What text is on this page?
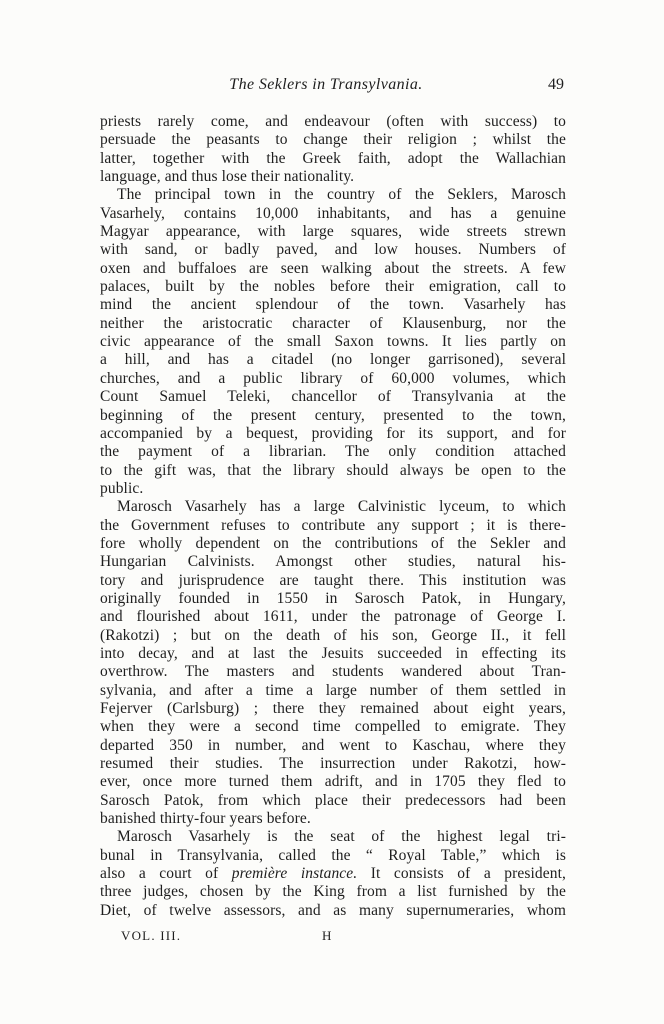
The Seklers in Transylvania.	49
priests rarely come, and endeavour (often with success) to
persuade the peasants to change their religion ; whilst the
latter, together with the Greek faith, adopt the Wallachian
language, and thus lose their nationality.
The principal town in the country of the Seklers, Marosch
Vasarhely, contains 10,000 inhabitants, and has a genuine
Magyar appearance, with large squares, wide streets strewn
with sand, or badly paved, and low houses. Numbers of
oxen and buffaloes are seen walking about the streets. A few
palaces, built by the nobles before their emigration, call to
mind the ancient splendour of the town. Vasarhely has
neither the aristocratic character of Klausenburg, nor the
civic appearance of the small Saxon towns. It lies partly on
a hill, and has a citadel (no longer garrisoned), several
churches, and a public library of 60,000 volumes, which
Count Samuel Teleki, chancellor of Transylvania at the
beginning of the present century, presented to the town,
accompanied by a bequest, providing for its support, and for
the payment of a librarian. The only condition attached
to the gift was, that the library should always be open to the
public.
Marosch Vasarhely has a large Calvinistic lyceum, to which
the Government refuses to contribute any support ; it is there-
fore wholly dependent on the contributions of the Sekler and
Hungarian Calvinists. Amongst other studies, natural his-
tory and jurisprudence are taught there. This institution was
originally founded in 1550 in Sarosch Patok, in Hungary,
and flourished about 1611, under the patronage of George I.
(Rakotzi) ; but on the death of his son, George II., it fell
into decay, and at last the Jesuits succeeded in effecting its
overthrow. The masters and students wandered about Tran-
sylvania, and after a time a large number of them settled in
Fejerver (Carlsburg) ; there they remained about eight years,
when they were a second time compelled to emigrate. They
departed 350 in number, and went to Kaschau, where they
resumed their studies. The insurrection under Rakotzi, how-
ever, once more turned them adrift, and in 1705 they fled to
Sarosch Patok, from which place their predecessors had been
banished thirty-four years before.
Marosch Vasarhely is the seat of the highest legal tri-
bunal in Transylvania, called the “ Royal Table,” which is
also a court of première instance. It consists of a president,
three judges, chosen by the King from a list furnished by the
Diet, of twelve assessors, and as many supernumeraries, whom
VOL. III.	H
